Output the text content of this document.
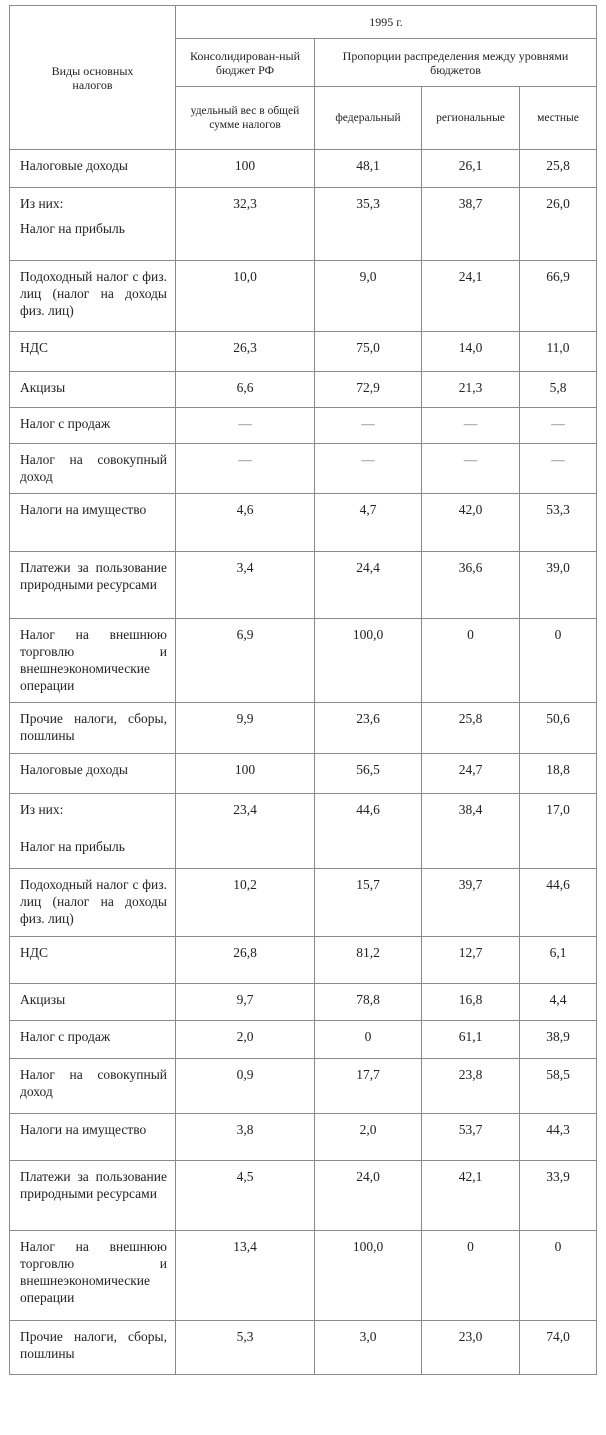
Виды основных налогов	1995 г.			
	Консолидирован-ный бюджет РФ	Пропорции распределения между уровнями бюджетов		
	удельный вес в общей сумме налогов	федеральный	региональные	местные

Налоговые доходы	100	48,1	26,1	25,8

Из них:
Налог на прибыль	32,3	35,3	38,7	26,0

Подоходный налог с физ. лиц (налог на доходы физ. лиц)	10,0	9,0	24,1	66,9

НДС	26,3	75,0	14,0	11,0

Акцизы	6,6	72,9	21,3	5,8

Налог с продаж	—	—	—	—

Налог на совокупный доход	—	—	—	—

Налоги на имущество	4,6	4,7	42,0	53,3

Платежи за пользование природными ресурсами	3,4	24,4	36,6	39,0

Налог на внешнюю торговлю и внешнеэкономические операции	6,9	100,0	0	0

Прочие налоги, сборы, пошлины	9,9	23,6	25,8	50,6

Налоговые доходы	100	56,5	24,7	18,8

Из них:
Налог на прибыль	23,4	44,6	38,4	17,0

Подоходный налог с физ. лиц (налог на доходы физ. лиц)	10,2	15,7	39,7	44,6

НДС	26,8	81,2	12,7	6,1

Акцизы	9,7	78,8	16,8	4,4

Налог с продаж	2,0	0	61,1	38,9

Налог на совокупный доход	0,9	17,7	23,8	58,5

Налоги на имущество	3,8	2,0	53,7	44,3

Платежи за пользование природными ресурсами	4,5	24,0	42,1	33,9

Налог на внешнюю торговлю и внешнеэкономические операции	13,4	100,0	0	0

Прочие налоги, сборы, пошлины	5,3	3,0	23,0	74,0
